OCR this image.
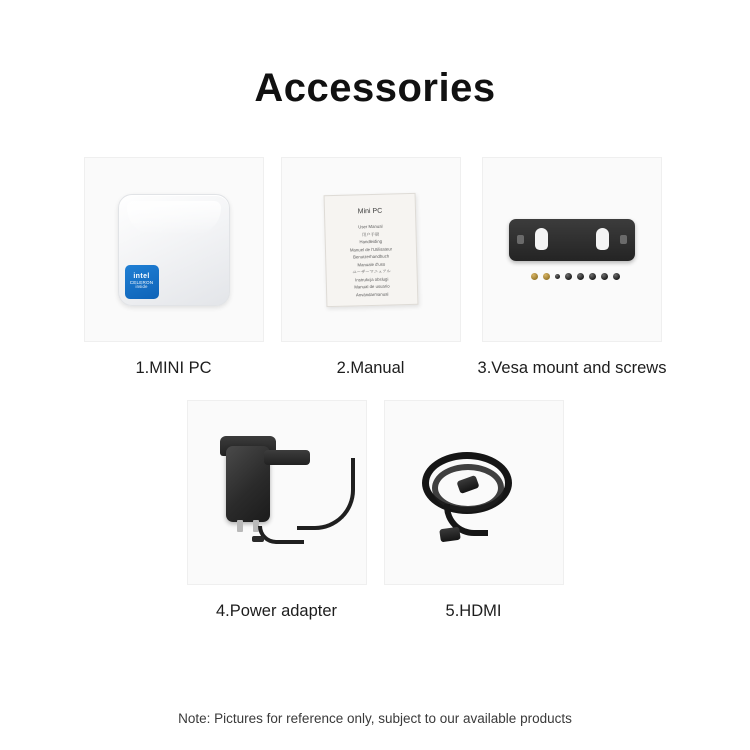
Accessories
intel
CELERON
inside
1.MINI PC
Mini PC
User Manual
用户手册
Handleiding
Manuel de l'Utilisateur
Benutzerhandbuch
Manuale d'uso
ユーザーマニュアル
Instrukcja obslugi
Manual de usuario
Användarmanual
2.Manual	3.Vesa mount and screws
4.Power adapter	5.HDMI
Note: Pictures for reference only, subject to our available products
